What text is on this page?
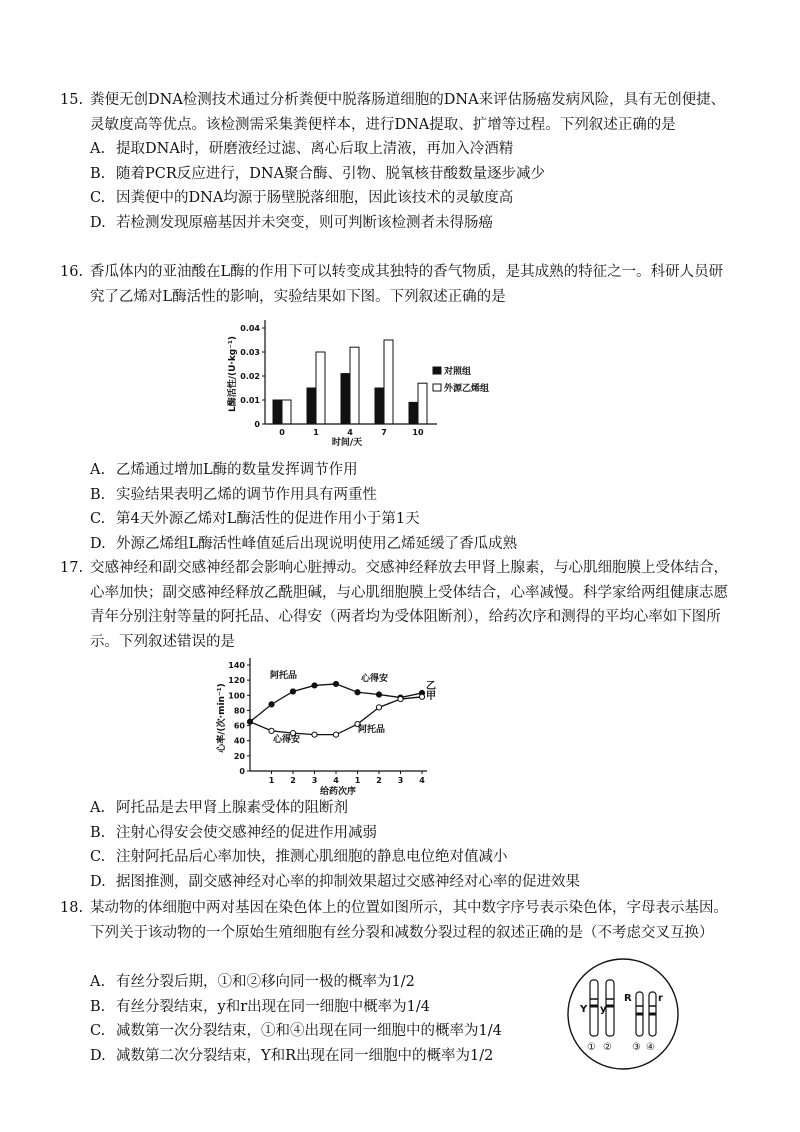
15. 粪便无创DNA检测技术通过分析粪便中脱落肠道细胞的DNA来评估肠癌发病风险，具有无创便捷、灵敏度高等优点。该检测需采集粪便样本，进行DNA提取、扩增等过程。下列叙述正确的是
A. 提取DNA时，研磨液经过滤、离心后取上清液，再加入冷酒精
B. 随着PCR反应进行，DNA聚合酶、引物、脱氧核苷酸数量逐步减少
C. 因粪便中的DNA均源于肠壁脱落细胞，因此该技术的灵敏度高
D. 若检测发现原癌基因并未突变，则可判断该检测者未得肠癌
16. 香瓜体内的亚油酸在L酶的作用下可以转变成其独特的香气物质，是其成熟的特征之一。科研人员研究了乙烯对L酶活性的影响，实验结果如下图。下列叙述正确的是
L酶活性/(U·kg⁻¹)
0
0.01
0.02
0.03
0.04
0	1	4	7	10
时间/天
对照组
外源乙烯组
A. 乙烯通过增加L酶的数量发挥调节作用
B. 实验结果表明乙烯的调节作用具有两重性
C. 第4天外源乙烯对L酶活性的促进作用小于第1天
D. 外源乙烯组L酶活性峰值延后出现说明使用乙烯延缓了香瓜成熟
17. 交感神经和副交感神经都会影响心脏搏动。交感神经释放去甲肾上腺素，与心肌细胞膜上受体结合，心率加快；副交感神经释放乙酰胆碱，与心肌细胞膜上受体结合，心率减慢。科学家给两组健康志愿青年分别注射等量的阿托品、心得安（两者均为受体阻断剂），给药次序和测得的平均心率如下图所示。下列叙述错误的是
心率/(次·min⁻¹)
0
20
40
60
80
100
120
140
1 2 3 4 1 2 3 4
给药次序
阿托品	心得安
心得安
阿托品
乙
甲
A. 阿托品是去甲肾上腺素受体的阻断剂
B. 注射心得安会使交感神经的促进作用减弱
C. 注射阿托品后心率加快，推测心肌细胞的静息电位绝对值减小
D. 据图推测，副交感神经对心率的抑制效果超过交感神经对心率的促进效果
18. 某动物的体细胞中两对基因在染色体上的位置如图所示，其中数字序号表示染色体，字母表示基因。下列关于该动物的一个原始生殖细胞有丝分裂和减数分裂过程的叙述正确的是（不考虑交叉互换）
A. 有丝分裂后期，①和②移向同一极的概率为1/2
B. 有丝分裂结束，y和r出现在同一细胞中概率为1/4
C. 减数第一次分裂结束，①和④出现在同一细胞中的概率为1/4
D. 减数第二次分裂结束，Y和R出现在同一细胞中的概率为1/2
Y y
R	r
① ② ③ ④
